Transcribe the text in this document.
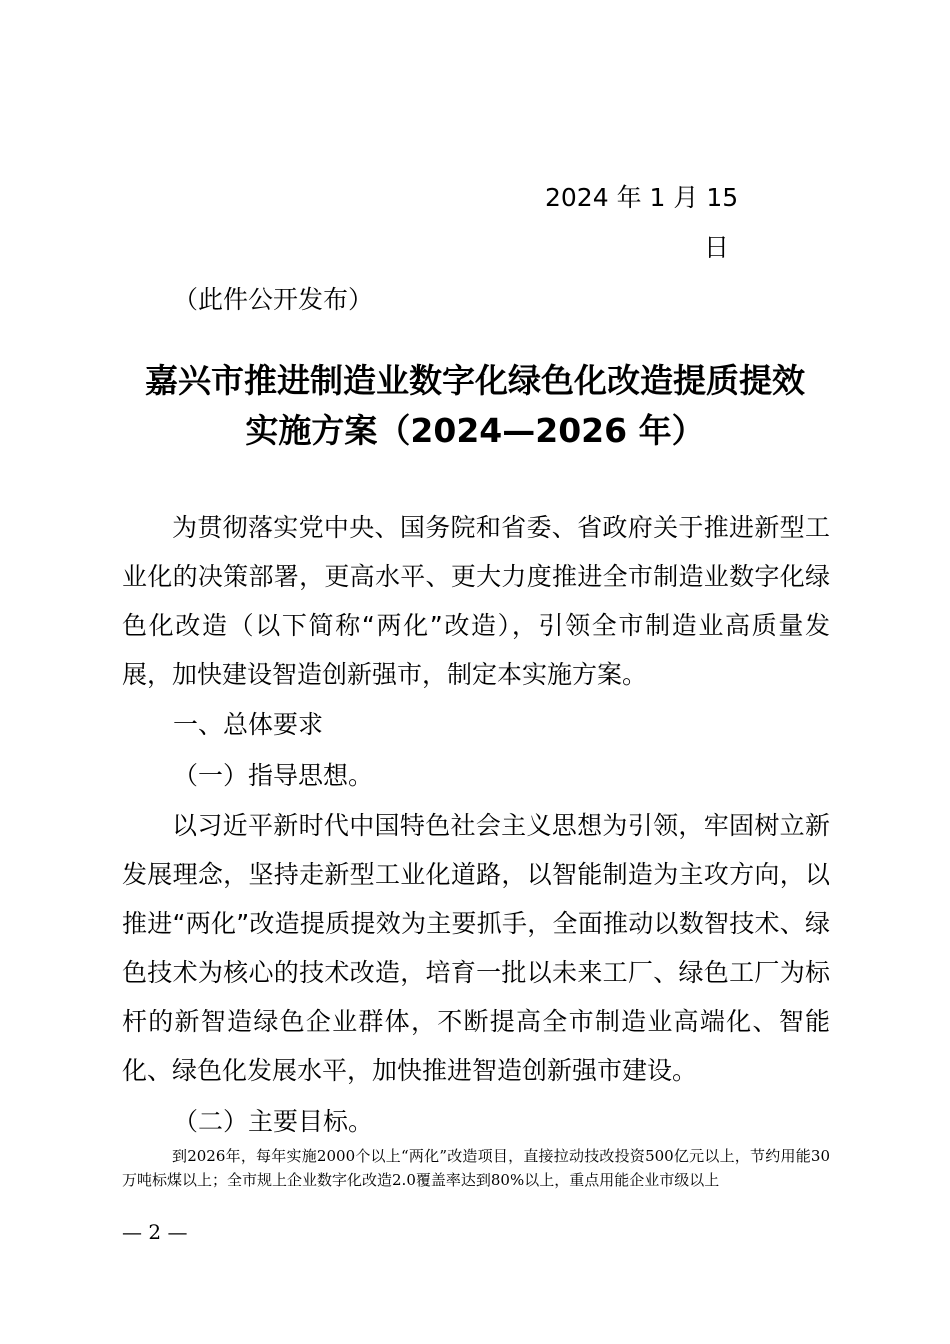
2024 年 1 月 15
日
（此件公开发布）
嘉兴市推进制造业数字化绿色化改造提质提效
实施方案（2024—2026 年）
为贯彻落实党中央、国务院和省委、省政府关于推进新型工业化的决策部署，更高水平、更大力度推进全市制造业数字化绿色化改造（以下简称“两化”改造），引领全市制造业高质量发展，加快建设智造创新强市，制定本实施方案。
一、总体要求
（一）指导思想。
以习近平新时代中国特色社会主义思想为引领，牢固树立新发展理念，坚持走新型工业化道路，以智能制造为主攻方向，以推进“两化”改造提质提效为主要抓手，全面推动以数智技术、绿色技术为核心的技术改造，培育一批以未来工厂、绿色工厂为标杆的新智造绿色企业群体，不断提高全市制造业高端化、智能化、绿色化发展水平，加快推进智造创新强市建设。
（二）主要目标。
到2026年，每年实施2000个以上“两化”改造项目，直接拉动技改投资500亿元以上，节约用能30万吨标煤以上；全市规上企业数字化改造2.0覆盖率达到80%以上，重点用能企业市级以上
— 2 —
